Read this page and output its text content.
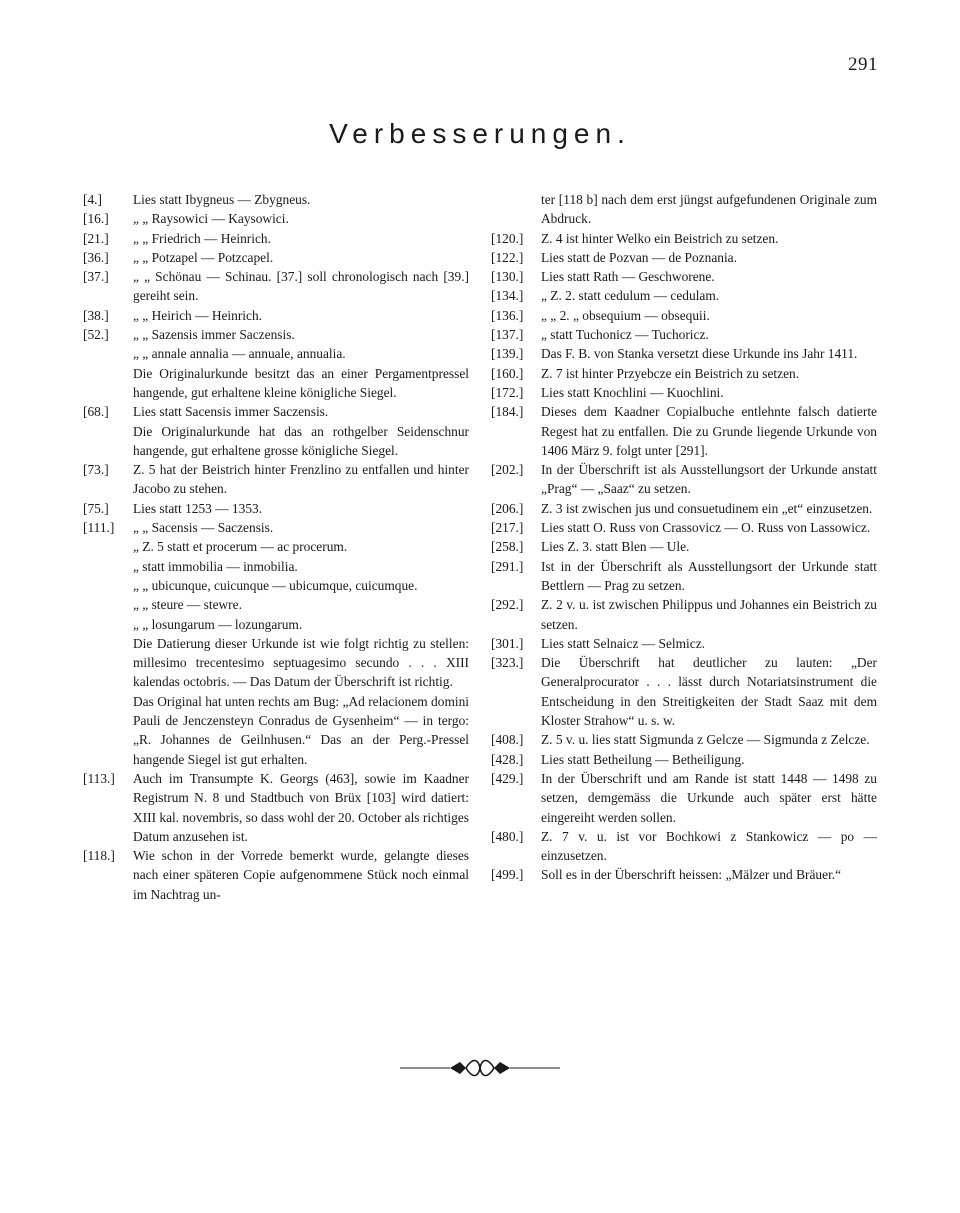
291
Verbesserungen.
[4.]	Lies statt Ibygneus — Zbygneus.
[16.]	„ „ Raysowici — Kaysowici.
[21.]	„ „ Friedrich — Heinrich.
[36.]	„ „ Potzapel — Potzcapel.
[37.]	„ „ Schönau — Schinau. [37.] soll chronologisch nach [39.] gereiht sein.
[38.]	„ „ Heirich — Heinrich.
[52.]	„ „ Sazensis immer Saczensis.
„ „ annale annalia — annuale, annualia.
Die Originalurkunde besitzt das an einer Pergamentpressel hangende, gut erhaltene kleine königliche Siegel.
[68.]	Lies statt Sacensis immer Saczensis.
Die Originalurkunde hat das an rothgelber Seidenschnur hangende, gut erhaltene grosse königliche Siegel.
[73.]	Z. 5 hat der Beistrich hinter Frenzlino zu entfallen und hinter Jacobo zu stehen.
[75.]	Lies statt 1253 — 1353.
[111.]	„ „ Sacensis — Saczensis.
„ Z. 5 statt et procerum — ac procerum.
„ statt immobilia — inmobilia.
„ „ ubicunque, cuicunque — ubicumque, cuicumque.
„ „ steure — stewre.
„ „ losungarum — lozungarum.
Die Datierung dieser Urkunde ist wie folgt richtig zu stellen: millesimo trecentesimo septuagesimo secundo . . . XIII kalendas octobris. — Das Datum der Überschrift ist richtig.
Das Original hat unten rechts am Bug: „Ad relacionem domini Pauli de Jenczensteyn Conradus de Gysenheim“ — in tergo: „R. Johannes de Geilnhusen.“ Das an der Perg.-Pressel hangende Siegel ist gut erhalten.
[113.]	Auch im Transumpte K. Georgs (463], sowie im Kaadner Registrum N. 8 und Stadtbuch von Brüx [103] wird datiert: XIII kal. novembris, so dass wohl der 20. October als richtiges Datum anzusehen ist.
[118.]	Wie schon in der Vorrede bemerkt wurde, gelangte dieses nach einer späteren Copie aufgenommene Stück noch einmal im Nachtrag un-
ter [118 b] nach dem erst jüngst aufgefundenen Originale zum Abdruck.
[120.]	Z. 4 ist hinter Welko ein Beistrich zu setzen.
[122.]	Lies statt de Pozvan — de Poznania.
[130.]	Lies statt Rath — Geschworene.
[134.]	„ Z. 2. statt cedulum — cedulam.
[136.]	„ „ 2. „ obsequium — obsequii.
[137.]	„ statt Tuchonicz — Tuchoricz.
[139.]	Das F. B. von Stanka versetzt diese Urkunde ins Jahr 1411.
[160.]	Z. 7 ist hinter Przyebcze ein Beistrich zu setzen.
[172.]	Lies statt Knochlini — Kuochlini.
[184.]	Dieses dem Kaadner Copialbuche entlehnte falsch datierte Regest hat zu entfallen. Die zu Grunde liegende Urkunde von 1406 März 9. folgt unter [291].
[202.]	In der Überschrift ist als Ausstellungsort der Urkunde anstatt „Prag“ — „Saaz“ zu setzen.
[206.]	Z. 3 ist zwischen jus und consuetudinem ein „et“ einzusetzen.
[217.]	Lies statt O. Russ von Crassovicz — O. Russ von Lassowicz.
[258.]	Lies Z. 3. statt Blen — Ule.
[291.]	Ist in der Überschrift als Ausstellungsort der Urkunde statt Bettlern — Prag zu setzen.
[292.]	Z. 2 v. u. ist zwischen Philippus und Johannes ein Beistrich zu setzen.
[301.]	Lies statt Selnaicz — Selmicz.
[323.]	Die Überschrift hat deutlicher zu lauten: „Der Generalprocurator . . . lässt durch Notariatsinstrument die Entscheidung in den Streitigkeiten der Stadt Saaz mit dem Kloster Strahow“ u. s. w.
[408.]	Z. 5 v. u. lies statt Sigmunda z Gelcze — Sigmunda z Zelcze.
[428.]	Lies statt Betheilung — Betheiligung.
[429.]	In der Überschrift und am Rande ist statt 1448 — 1498 zu setzen, demgemäss die Urkunde auch später erst hätte eingereiht werden sollen.
[480.]	Z. 7 v. u. ist vor Bochkowi z Stankowicz — po — einzusetzen.
[499.]	Soll es in der Überschrift heissen: „Mälzer und Bräuer.“
